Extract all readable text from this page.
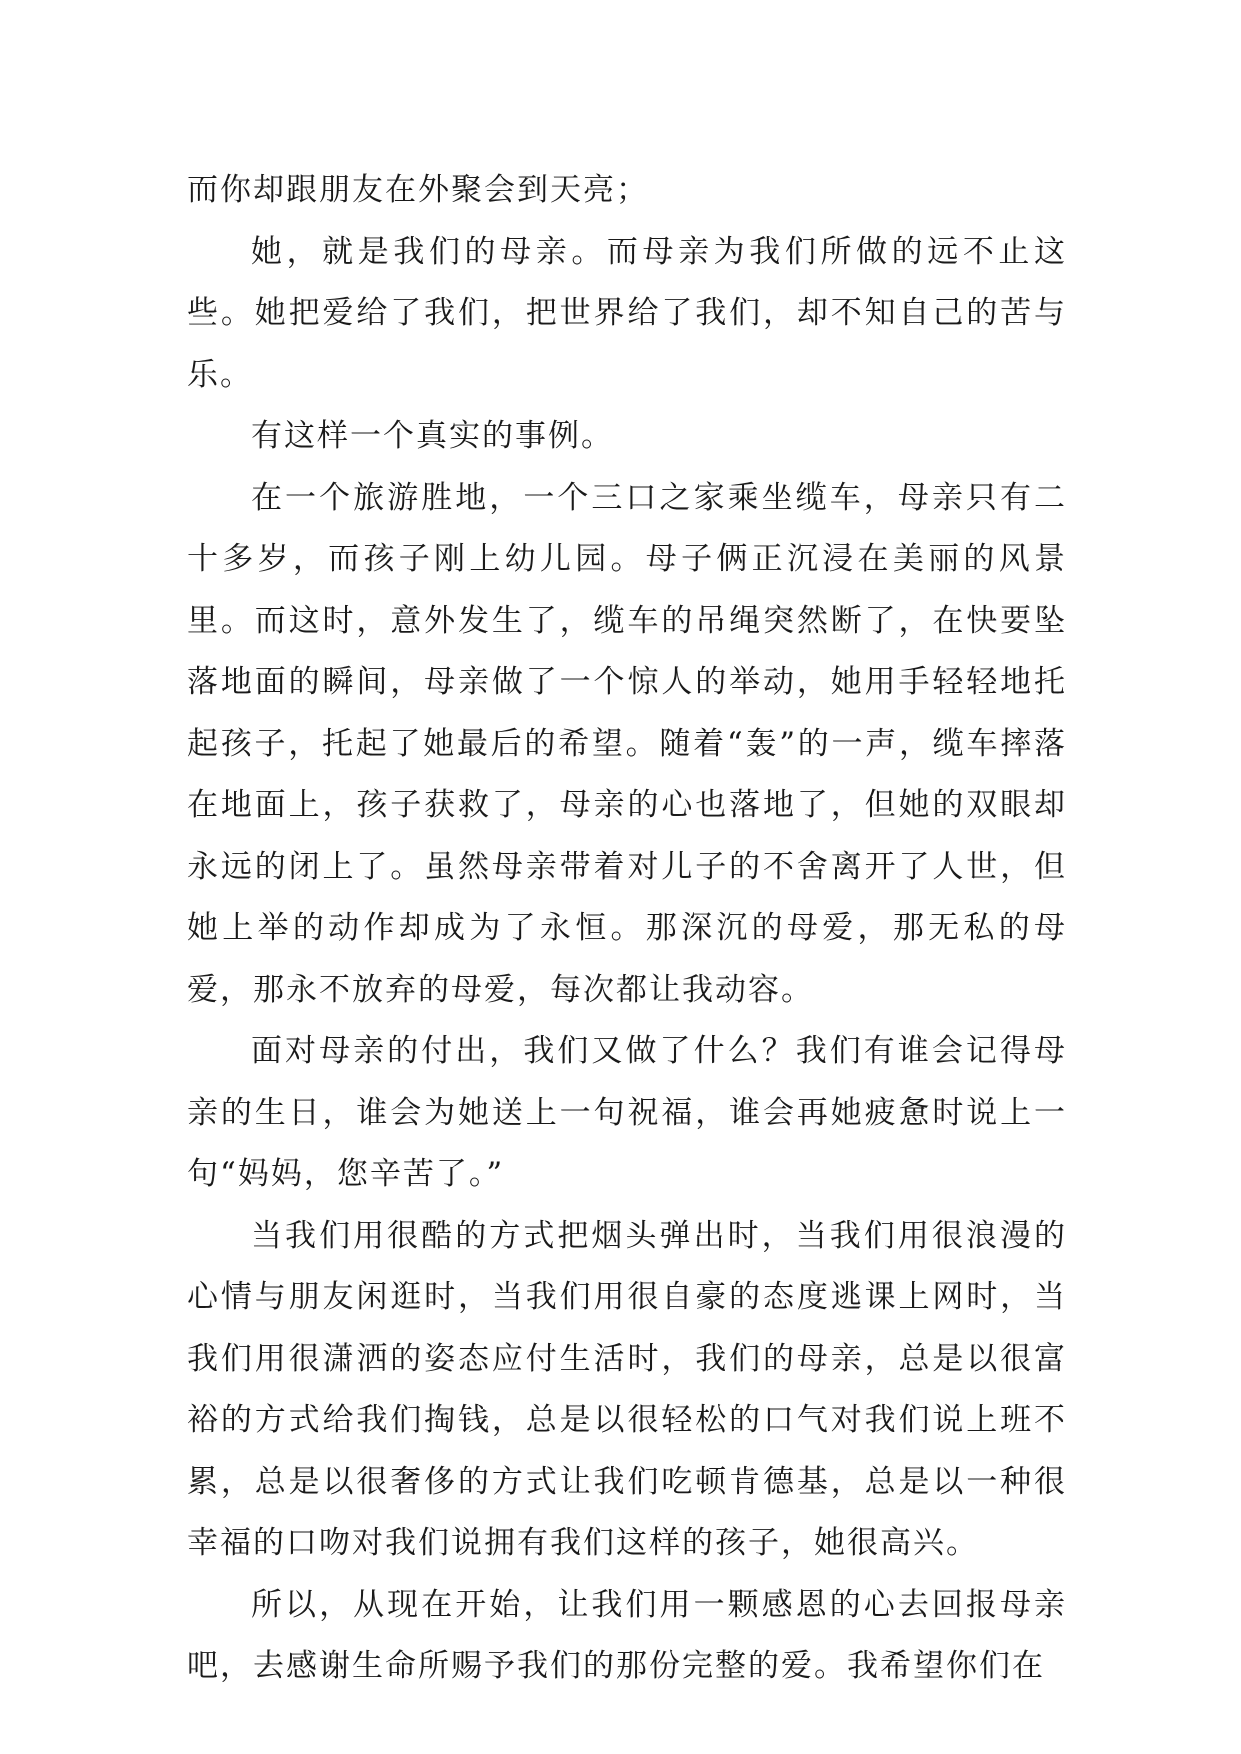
而你却跟朋友在外聚会到天亮；

她，就是我们的母亲。而母亲为我们所做的远不止这些。她把爱给了我们，把世界给了我们，却不知自己的苦与乐。

有这样一个真实的事例。

在一个旅游胜地，一个三口之家乘坐缆车，母亲只有二十多岁，而孩子刚上幼儿园。母子俩正沉浸在美丽的风景里。而这时，意外发生了，缆车的吊绳突然断了，在快要坠落地面的瞬间，母亲做了一个惊人的举动，她用手轻轻地托起孩子，托起了她最后的希望。随着“轰”的一声，缆车摔落在地面上，孩子获救了，母亲的心也落地了，但她的双眼却永远的闭上了。虽然母亲带着对儿子的不舍离开了人世，但她上举的动作却成为了永恒。那深沉的母爱，那无私的母爱，那永不放弃的母爱，每次都让我动容。

面对母亲的付出，我们又做了什么？我们有谁会记得母亲的生日，谁会为她送上一句祝福，谁会再她疲惫时说上一句“妈妈，您辛苦了。”

当我们用很酷的方式把烟头弹出时，当我们用很浪漫的心情与朋友闲逛时，当我们用很自豪的态度逃课上网时，当我们用很潇洒的姿态应付生活时，我们的母亲，总是以很富裕的方式给我们掏钱，总是以很轻松的口气对我们说上班不累，总是以很奢侈的方式让我们吃顿肯德基，总是以一种很幸福的口吻对我们说拥有我们这样的孩子，她很高兴。

所以，从现在开始，让我们用一颗感恩的心去回报母亲吧，去感谢生命所赐予我们的那份完整的爱。我希望你们在
